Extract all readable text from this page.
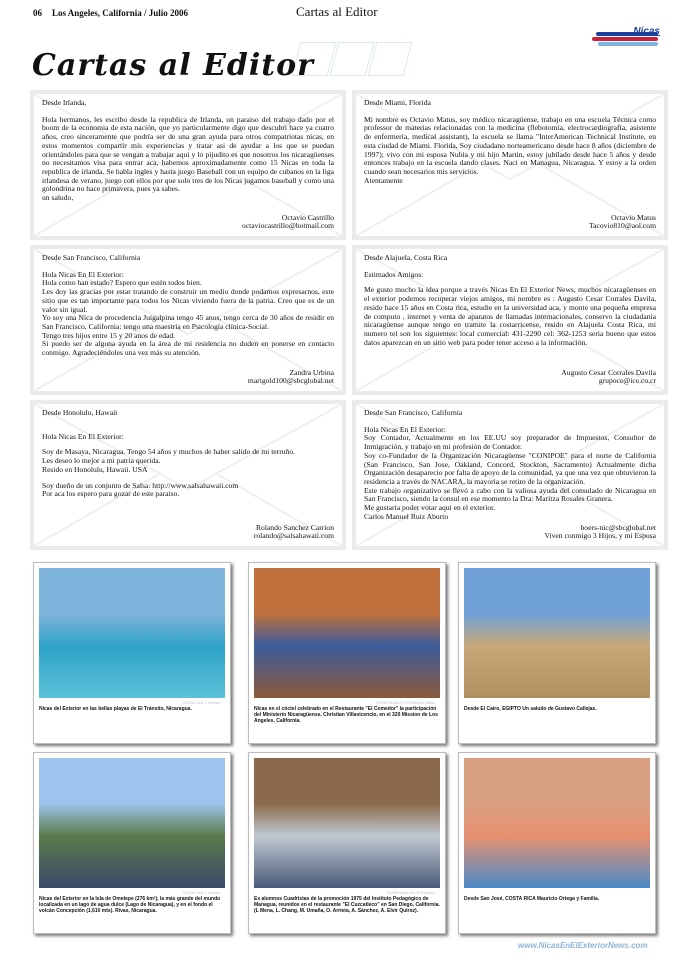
06 Los Angeles, California / Julio 2006	Cartas al Editor
Cartas al Editor
Nicas
Desde Irlanda,

Hola hermanos, les escribo desde la republica de Irlanda, un paraiso del trabajo dado por el boom de la economia de esta nación, que yo particularmente digo que descubri hace ya cuatro años, creo sinceramente que podría ser de una gran ayuda para otros compatriotas nicas, en estos momentos compartir mis experiencias y tratar asi de ayudar a los que se puedan orientándoles para que se vengan a trabajar aqui y lo pijudito es que nosotros los nicaragüenses no necesitamos visa para entrar aca, habemos aproximadamente como 15 Nicas en toda la republica de irlanda. Se habla ingles y hasta juego Baseball con un equipo de cubanos en la liga irlandesa de verano, juego con ellos por que solo tres de los Nicas jugamos baseball y como una golondrina no hace primavera, pues ya sabes.

un saludo,

Octavio Castrillo
octaviocastrillo@hotmail.com
Desde Miami, Florida

Mi nombre es Octavio Matus, soy médico nicaragüense, trabajo en una escuela Técnica como professor de materias relacionadas con la medicina (flebotomía, electrocardiografía, asistente de enfermería, medical assistant), la escuela se llama "InterAmerican Technical Institute, en esta ciudad de Miami. Florida, Soy ciudadano norteamericano desde hace 8 años (diciembre de 1997); vivo con mi esposa Nubia y mi hijo Martin, estoy jubilado desde hace 5 años y desde entonces trabajo en la escuela dando clases. Naci en Managua, Nicaragua. Y estoy a la orden cuando sean necesarios mis servicios.

Atentamente

Octavio Matus
Tacovio810@aol.com
Desde San Francisco, California

Hola Nicas En El Exterior:

Hola como han estado? Espero que estén todos bien.

Les doy las gracias por estar tratando de construir un medio donde podamos expresarnos, este sitio que es tan importante para todos los Nicas viviendo fuera de la patria. Creo que es de un valor sin igual.

Yo soy una Nica de procedencia Juigalpina tengo 45 anos, tengo cerca de 30 años de residir en San Francisco, California: tengo una maestría en Psicología clínica-Social.

Tengo tres hijos entre 15 y 20 anos de edad.

Si puedo ser de alguna ayuda en la área de mi residencia no duden en ponerse en contacto conmigo. Agradeciéndoles una vez más su atención.

Zandra Urbina
marigold100@sbcglobal.net
Desde Alajuela, Costa Rica

Estimados Amigos:

Me gusto mucho la idea porque a través Nicas En El Exterior News, muchos nicaragüenses en el exterior podemos recuperar viejos amigos, mi nombre es : Augusto Cesar Corrales Davila, resido hace 15 años en Costa rica, estudie en la universidad aca, y monte una pequeña empresa de computo , internet y venta de aparatos de llamadas internacionales, conservo la ciudadania nicaragüense aunque tengo en tramite la costarricense, resido en Alajuela Costa Rica, mi numero tel son los siguientes: local comercial: 431-2290 cel: 362-1253 seria bueno que estos datos aparezcan en un sitio web para poder tener acceso a la información.

Augusto Cesar Corrales Davila
grupoce@ice.co.cr
Desde Honolulu, Hawaii

Hola Nicas En El Exterior:

Soy de Masaya, Nicaragua. Tengo 54 años y muchos de haber salido de mi terruño.

Les deseo lo mejor a mi patria querida.

Resido en Honolulu, Hawaii. USA

Soy dueño de un conjunto de Salsa: http://www.salsahawaii.com

Por aca los espero para gozar de este paraiso.

Rolando Sanchez Carrion
rolando@salsahawaii.com
Desde San Francisco, California

Hola Nicas En El Exterior:

Soy Contador, Actualmente en los EE.UU soy preparador de Impuestos, Consultor de Inmigración, y trabajo en mi profesión de Contador.

Soy co-Fundador de la Organización Nicaragüense "CONIPOE" para el norte de California (San Francisco, San Jose, Oakland, Concord, Stockton, Sacramento) Actualmente dicha Organización desaparecio por falta de apoyo de la comunidad, ya que una vez que obtuvieron la residencia a través de NACARA, la mayoria se retiro de la organización.

Este trabajo organizativo se llevó a cabo con la valiosa ayuda del consulado de Nicaragua en San Francisco, siendo la consul en ese momento la Dra: Maritza Rosales Granera.

Me gustaria poder votar aqui en el exterior.

Carlos Manuel Ruiz Aburto

boers-nic@sbcglobal.net
Viven conmigo 3 Hijos, y mi Esposa
©2006 Ciro J. Nuñez
Nicas del Exterior en las bellas playas de El Tránsito, Nicaragua.
©2006 Nicas En El Exterior News
Nicas en el cóctel celebrado en el Restaurante "El Comedor" la participación del Ministerio Nicaragüense, Christian Villavicencio, en el 320 Mission de Los Angeles, California.
Desde El Cairo, EGIPTO Un saludo de Gustavo Callejas.
©2006 Ciro J. Nuñez
Nicas del Exterior en la Isla de Ometepe (276 km²), la más grande del mundo localizada en un lago de agua dulce (Lago de Nicaragua), y en el fondo el volcán Concepción (1,610 mts). Rivas, Nicaragua.
©2006 Nicas En El Exterior
Ex alumnos Cuadristas de la promoción 1975 del Instituto Pedagógico de Managua, reunidos en el restaurante "El Cuzcatleco" en San Diego, California. (L Mena, L. Chang, M. Umaña, O. Arrieta, A. Sánchez, A. Elvir Quiroz).
Desde San José, COSTA RICA Mauricio Ortega y Familia.
www.NicasEnElExteriorNews.com
